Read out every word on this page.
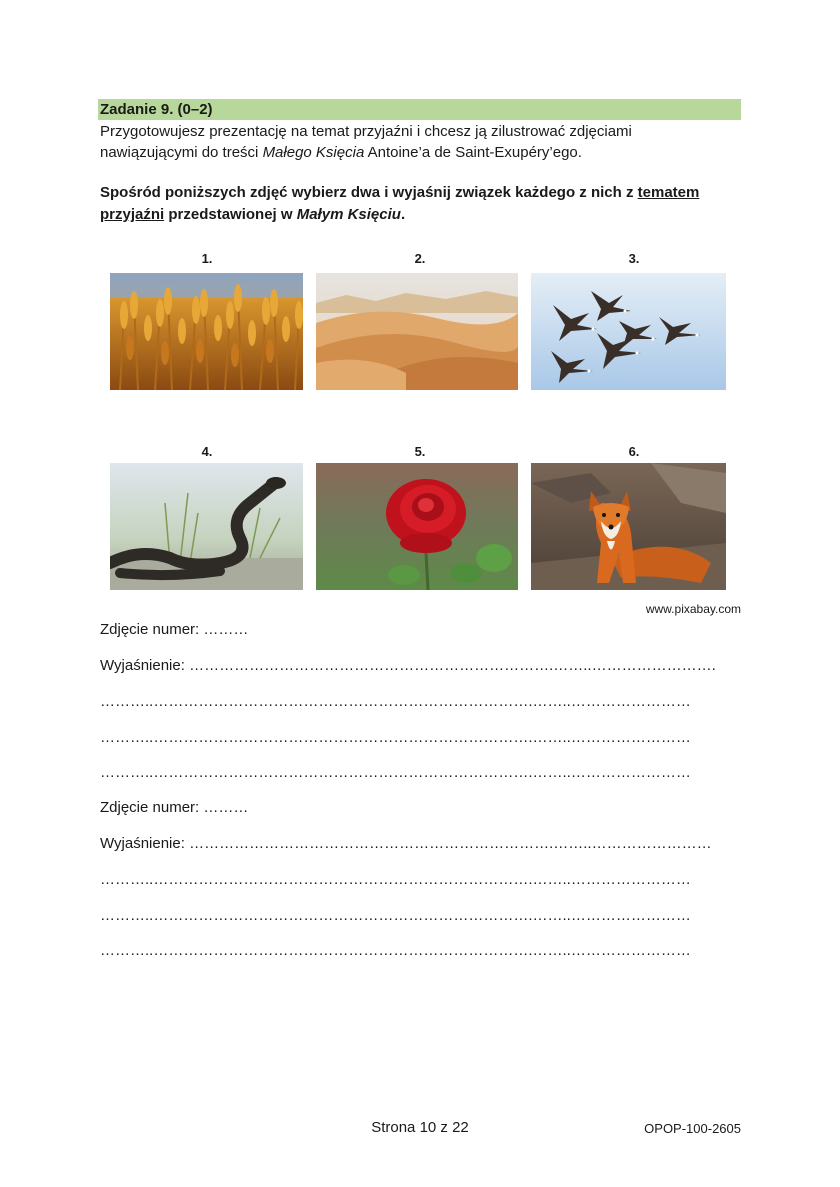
Zadanie 9. (0–2)
Przygotowujesz prezentację na temat przyjaźni i chcesz ją zilustrować zdjęciami
nawiązującymi do treści Małego Księcia Antoine’a de Saint-Exupéry’ego.
Spośród poniższych zdjęć wybierz dwa i wyjaśnij związek każdego z nich z tematem przyjaźni przedstawionej w Małym Księciu.
1.	2.	3.
4.	5.	6.
www.pixabay.com
Zdjęcie numer: ………
Wyjaśnienie: ……………………………………………………………….……..…………………….
………..………………………………………………………………….……..……………………
………..………………………………………………………………….……..……………………
………..………………………………………………………………….……..……………………
Zdjęcie numer: ………
Wyjaśnienie: ……………………………………………………………….……..……………………
………..………………………………………………………………….……..……………………
………..………………………………………………………………….……..……………………
………..………………………………………………………………….……..……………………
Strona 10 z 22	OPOP-100-2605
